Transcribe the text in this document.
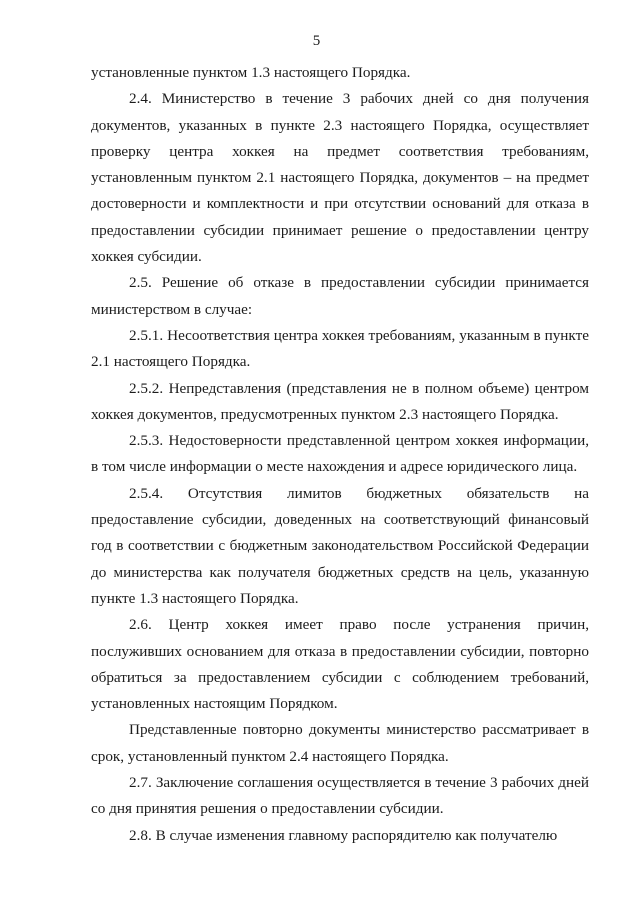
5

установленные пунктом 1.3 настоящего Порядка.

2.4. Министерство в течение 3 рабочих дней со дня получения документов, указанных в пункте 2.3 настоящего Порядка, осуществляет проверку центра хоккея на предмет соответствия требованиям, установленным пунктом 2.1 настоящего Порядка, документов – на предмет достоверности и комплектности и при отсутствии оснований для отказа в предоставлении субсидии принимает решение о предоставлении центру хоккея субсидии.

2.5. Решение об отказе в предоставлении субсидии принимается министерством в случае:

2.5.1. Несоответствия центра хоккея требованиям, указанным в пункте 2.1 настоящего Порядка.

2.5.2. Непредставления (представления не в полном объеме) центром хоккея документов, предусмотренных пунктом 2.3 настоящего Порядка.

2.5.3. Недостоверности представленной центром хоккея информации, в том числе информации о месте нахождения и адресе юридического лица.

2.5.4. Отсутствия лимитов бюджетных обязательств на предоставление субсидии, доведенных на соответствующий финансовый год в соответствии с бюджетным законодательством Российской Федерации до министерства как получателя бюджетных средств на цель, указанную пункте 1.3 настоящего Порядка.

2.6. Центр хоккея имеет право после устранения причин, послуживших основанием для отказа в предоставлении субсидии, повторно обратиться за предоставлением субсидии с соблюдением требований, установленных настоящим Порядком.

Представленные повторно документы министерство рассматривает в срок, установленный пунктом 2.4 настоящего Порядка.

2.7. Заключение соглашения осуществляется в течение 3 рабочих дней со дня принятия решения о предоставлении субсидии.

2.8. В случае изменения главному распорядителю как получателю
